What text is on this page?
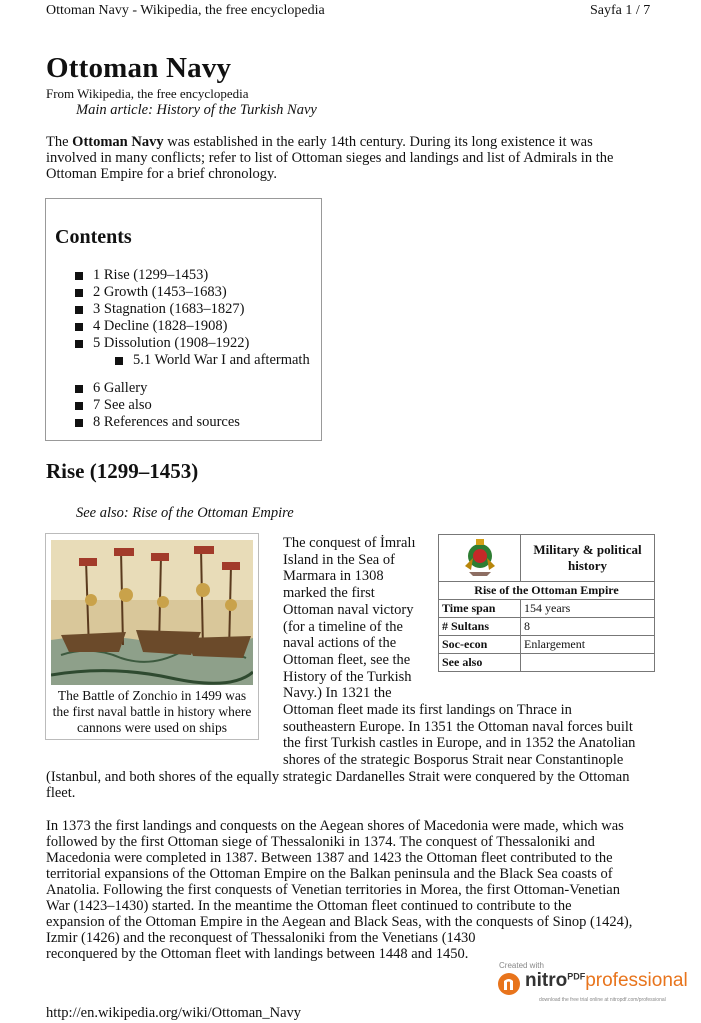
Ottoman Navy - Wikipedia, the free encyclopedia	Sayfa 1 / 7
Ottoman Navy
From Wikipedia, the free encyclopedia
Main article: History of the Turkish Navy
The Ottoman Navy was established in the early 14th century. During its long existence it was
involved in many conflicts; refer to list of Ottoman sieges and landings and list of Admirals in the
Ottoman Empire for a brief chronology.
Contents
1 Rise (1299–1453)
2 Growth (1453–1683)
3 Stagnation (1683–1827)
4 Decline (1828–1908)
5 Dissolution (1908–1922)
5.1 World War I and aftermath
6 Gallery
7 See also
8 References and sources
Rise (1299–1453)
See also: Rise of the Ottoman Empire
The Battle of Zonchio in 1499 was
the first naval battle in history where
cannons were used on ships
The conquest of İmralı
Island in the Sea of
Marmara in 1308
marked the first
Ottoman naval victory
(for a timeline of the
naval actions of the
Ottoman fleet, see the
History of the Turkish
Navy.) In 1321 the
Ottoman fleet made its first landings on Thrace in
southeastern Europe. In 1351 the Ottoman naval forces built
the first Turkish castles in Europe, and in 1352 the Anatolian
shores of the strategic Bosporus Strait near Constantinople
(Istanbul, and both shores of the equally strategic Dardanelles Strait were conquered by the Ottoman
fleet.
	Military & political history
Rise of the Ottoman Empire	
Time span	154 years
# Sultans	8
Soc-econ	Enlargement
See also	
In 1373 the first landings and conquests on the Aegean shores of Macedonia were made, which was
followed by the first Ottoman siege of Thessaloniki in 1374. The conquest of Thessaloniki and
Macedonia were completed in 1387. Between 1387 and 1423 the Ottoman fleet contributed to the
territorial expansions of the Ottoman Empire on the Balkan peninsula and the Black Sea coasts of
Anatolia. Following the first conquests of Venetian territories in Morea, the first Ottoman-Venetian
War (1423–1430) started. In the meantime the Ottoman fleet continued to contribute to the
expansion of the Ottoman Empire in the Aegean and Black Seas, with the conquests of Sinop (1424),
Izmir (1426) and the reconquest of Thessaloniki from the Venetians (1430
reconquered by the Ottoman fleet with landings between 1448 and 1450.
Created with
nitro$^{PDF}$professional
download the free trial online at nitropdf.com/professional
http://en.wikipedia.org/wiki/Ottoman_Navy
